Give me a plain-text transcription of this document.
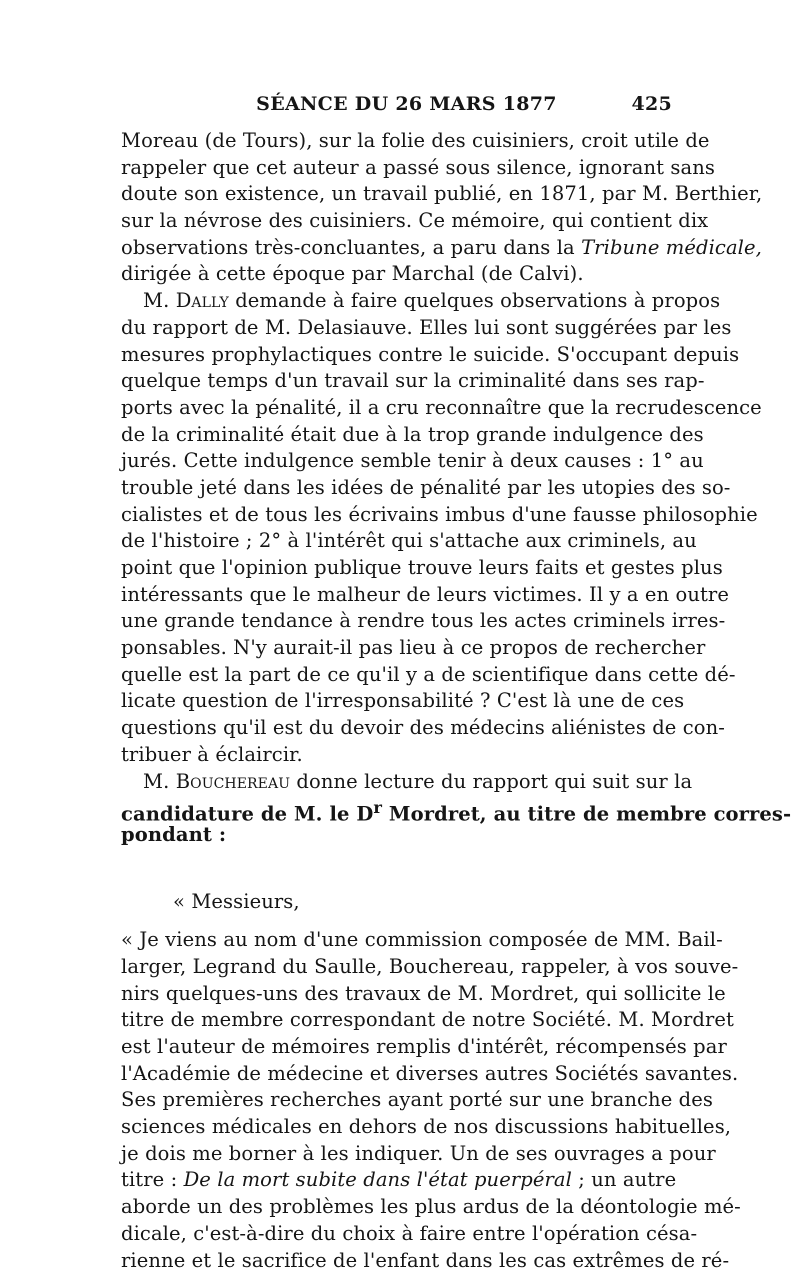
SÉANCE DU 26 MARS 1877	425
Moreau (de Tours), sur la folie des cuisiniers, croit utile de
rappeler que cet auteur a passé sous silence, ignorant sans
doute son existence, un travail publié, en 1871, par M. Berthier,
sur la névrose des cuisiniers. Ce mémoire, qui contient dix
observations très-concluantes, a paru dans la Tribune médicale,
dirigée à cette époque par Marchal (de Calvi).
M. Dally demande à faire quelques observations à propos
du rapport de M. Delasiauve. Elles lui sont suggérées par les
mesures prophylactiques contre le suicide. S'occupant depuis
quelque temps d'un travail sur la criminalité dans ses rap-
ports avec la pénalité, il a cru reconnaître que la recrudescence
de la criminalité était due à la trop grande indulgence des
jurés. Cette indulgence semble tenir à deux causes : 1° au
trouble jeté dans les idées de pénalité par les utopies des so-
cialistes et de tous les écrivains imbus d'une fausse philosophie
de l'histoire ; 2° à l'intérêt qui s'attache aux criminels, au
point que l'opinion publique trouve leurs faits et gestes plus
intéressants que le malheur de leurs victimes. Il y a en outre
une grande tendance à rendre tous les actes criminels irres-
ponsables. N'y aurait-il pas lieu à ce propos de rechercher
quelle est la part de ce qu'il y a de scientifique dans cette dé-
licate question de l'irresponsabilité ? C'est là une de ces
questions qu'il est du devoir des médecins aliénistes de con-
tribuer à éclaircir.
M. Bouchereau donne lecture du rapport qui suit sur la
candidature de M. le $D^r$ Mordret, au titre de membre corres-
pondant :
« Messieurs,
« Je viens au nom d'une commission composée de MM. Bail-
larger, Legrand du Saulle, Bouchereau, rappeler, à vos souve-
nirs quelques-uns des travaux de M. Mordret, qui sollicite le
titre de membre correspondant de notre Société. M. Mordret
est l'auteur de mémoires remplis d'intérêt, récompensés par
l'Académie de médecine et diverses autres Sociétés savantes.
Ses premières recherches ayant porté sur une branche des
sciences médicales en dehors de nos discussions habituelles,
je dois me borner à les indiquer. Un de ses ouvrages a pour
titre : De la mort subite dans l'état puerpéral ; un autre
aborde un des problèmes les plus ardus de la déontologie mé-
dicale, c'est-à-dire du choix à faire entre l'opération césa-
rienne et le sacrifice de l'enfant dans les cas extrêmes de ré-
